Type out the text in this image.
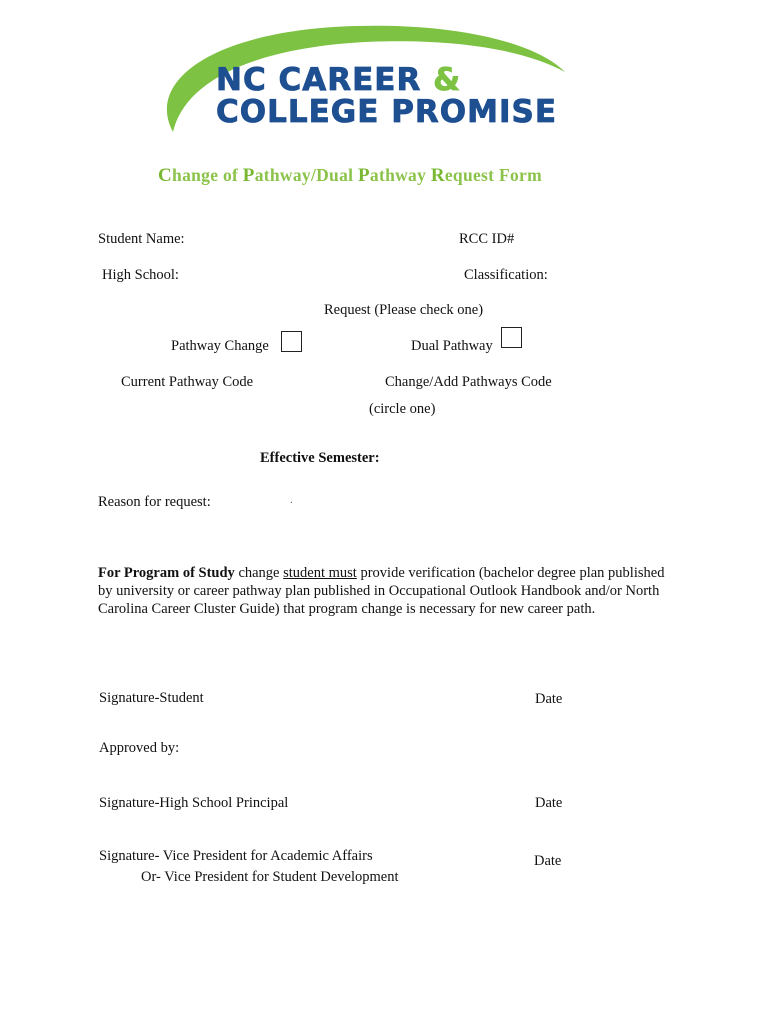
NC CAREER &
COLLEGE PROMISE
Change of Pathway/Dual Pathway Request Form
Student Name:	RCC ID#
High School:	Classification:
Request (Please check one)
Pathway Change	Dual Pathway
Current Pathway Code	Change/Add Pathways Code
(circle one)
Effective Semester:
Reason for request:	.
For Program of Study change student must provide verification (bachelor degree plan published by university or career pathway plan published in Occupational Outlook Handbook and/or North Carolina Career Cluster Guide) that program change is necessary for new career path.
Signature-Student	Date
Approved by:
Signature-High School Principal	Date
Signature- Vice President for Academic Affairs
Or- Vice President for Student Development
Date
